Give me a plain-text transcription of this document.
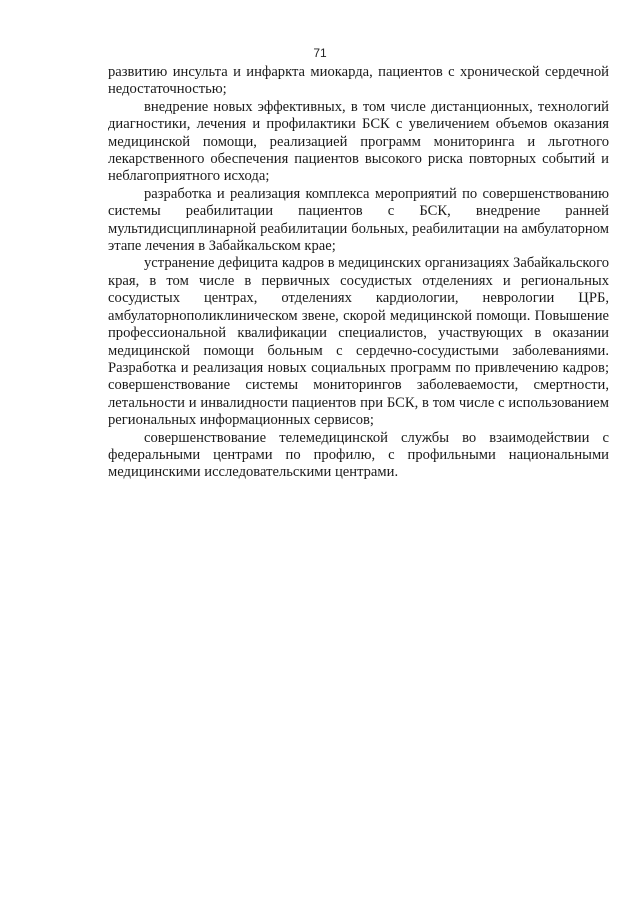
71

развитию инсульта и инфаркта миокарда, пациентов с хронической сердечной недостаточностью;

внедрение новых эффективных, в том числе дистанционных, технологий диагностики, лечения и профилактики БСК с увеличением объемов оказания медицинской помощи, реализацией программ мониторинга и льготного лекарственного обеспечения пациентов высокого риска повторных событий и неблагоприятного исхода;

разработка и реализация комплекса мероприятий по совершенствованию системы реабилитации пациентов с БСК, внедрение ранней мультидисциплинарной реабилитации больных, реабилитации на амбулаторном этапе лечения в Забайкальском крае;

устранение дефицита кадров в медицинских организациях Забайкальского края, в том числе в первичных сосудистых отделениях и региональных сосудистых центрах, отделениях кардиологии, неврологии ЦРБ, амбулаторнополиклиническом звене, скорой медицинской помощи. Повышение профессиональной квалификации специалистов, участвующих в оказании медицинской помощи больным с сердечно-сосудистыми заболеваниями. Разработка и реализация новых социальных программ по привлечению кадров; совершенствование системы мониторингов заболеваемости, смертности, летальности и инвалидности пациентов при БСК, в том числе с использованием региональных информационных сервисов;

совершенствование телемедицинской службы во взаимодействии с федеральными центрами по профилю, с профильными национальными медицинскими исследовательскими центрами.
